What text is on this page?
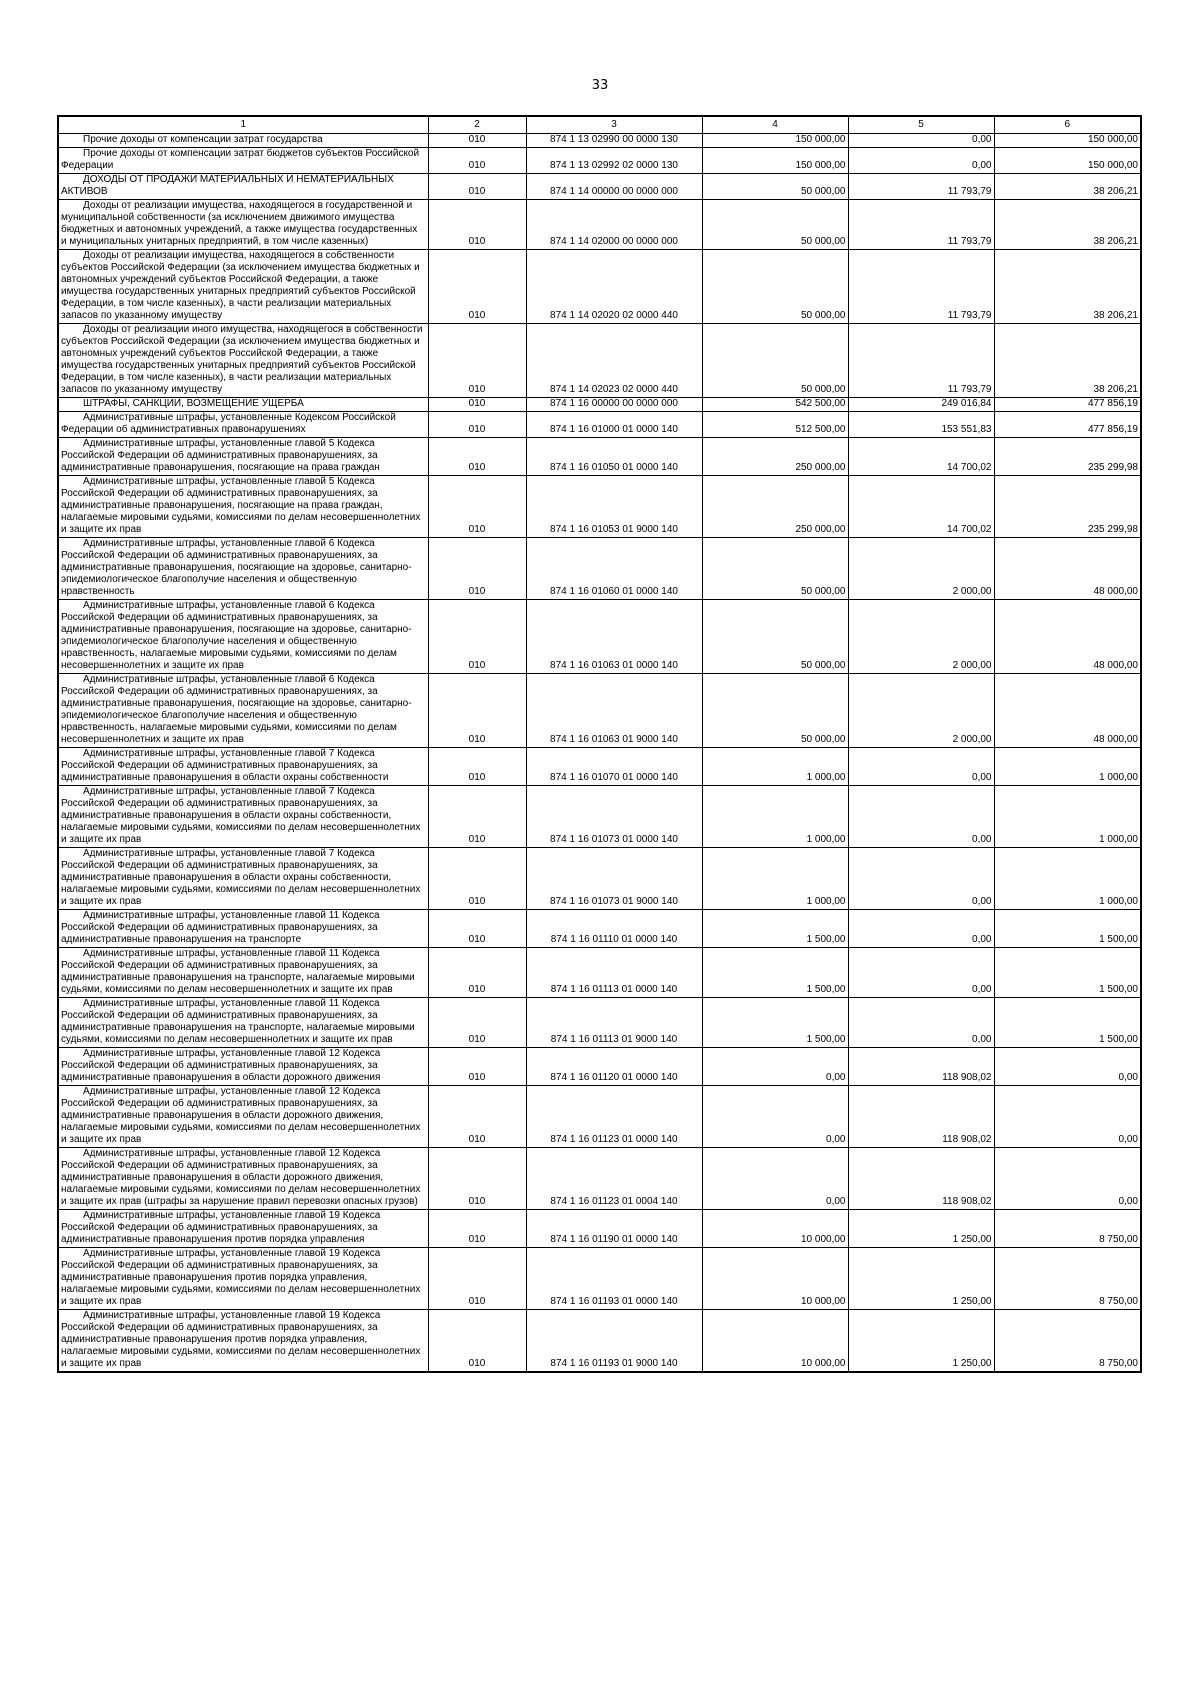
33
1	2	3	4	5	6
Прочие доходы от компенсации затрат государства	010	874 1 13 02990 00 0000 130	150 000,00	0,00	150 000,00
Прочие доходы от компенсации затрат бюджетов субъектов Российской Федерации	010	874 1 13 02992 02 0000 130	150 000,00	0,00	150 000,00
ДОХОДЫ ОТ ПРОДАЖИ МАТЕРИАЛЬНЫХ И НЕМАТЕРИАЛЬНЫХ АКТИВОВ	010	874 1 14 00000 00 0000 000	50 000,00	11 793,79	38 206,21
Доходы от реализации имущества, находящегося в государственной и муниципальной собственности (за исключением движимого имущества бюджетных и автономных учреждений, а также имущества государственных и муниципальных унитарных предприятий, в том числе казенных)	010	874 1 14 02000 00 0000 000	50 000,00	11 793,79	38 206,21
Доходы от реализации имущества, находящегося в собственности субъектов Российской Федерации (за исключением имущества бюджетных и автономных учреждений субъектов Российской Федерации, а также имущества государственных унитарных предприятий субъектов Российской Федерации, в том числе казенных), в части реализации материальных запасов по указанному имуществу	010	874 1 14 02020 02 0000 440	50 000,00	11 793,79	38 206,21
Доходы от реализации иного имущества, находящегося в собственности субъектов Российской Федерации (за исключением имущества бюджетных и автономных учреждений субъектов Российской Федерации, а также имущества государственных унитарных предприятий субъектов Российской Федерации, в том числе казенных), в части реализации материальных запасов по указанному имуществу	010	874 1 14 02023 02 0000 440	50 000,00	11 793,79	38 206,21
ШТРАФЫ, САНКЦИИ, ВОЗМЕЩЕНИЕ УЩЕРБА	010	874 1 16 00000 00 0000 000	542 500,00	249 016,84	477 856,19
Административные штрафы, установленные Кодексом Российской Федерации об административных правонарушениях	010	874 1 16 01000 01 0000 140	512 500,00	153 551,83	477 856,19
Административные штрафы, установленные главой 5 Кодекса Российской Федерации об административных правонарушениях, за административные правонарушения, посягающие на права граждан	010	874 1 16 01050 01 0000 140	250 000,00	14 700,02	235 299,98
Административные штрафы, установленные главой 5 Кодекса Российской Федерации об административных правонарушениях, за административные правонарушения, посягающие на права граждан, налагаемые мировыми судьями, комиссиями по делам несовершеннолетних и защите их прав	010	874 1 16 01053 01 9000 140	250 000,00	14 700,02	235 299,98
Административные штрафы, установленные главой 6 Кодекса Российской Федерации об административных правонарушениях, за административные правонарушения, посягающие на здоровье, санитарно-эпидемиологическое благополучие населения и общественную нравственность	010	874 1 16 01060 01 0000 140	50 000,00	2 000,00	48 000,00
Административные штрафы, установленные главой 6 Кодекса Российской Федерации об административных правонарушениях, за административные правонарушения, посягающие на здоровье, санитарно-эпидемиологическое благополучие населения и общественную нравственность, налагаемые мировыми судьями, комиссиями по делам несовершеннолетних и защите их прав	010	874 1 16 01063 01 0000 140	50 000,00	2 000,00	48 000,00
Административные штрафы, установленные главой 6 Кодекса Российской Федерации об административных правонарушениях, за административные правонарушения, посягающие на здоровье, санитарно-эпидемиологическое благополучие населения и общественную нравственность, налагаемые мировыми судьями, комиссиями по делам несовершеннолетних и защите их прав	010	874 1 16 01063 01 9000 140	50 000,00	2 000,00	48 000,00
Административные штрафы, установленные главой 7 Кодекса Российской Федерации об административных правонарушениях, за административные правонарушения в области охраны собственности	010	874 1 16 01070 01 0000 140	1 000,00	0,00	1 000,00
Административные штрафы, установленные главой 7 Кодекса Российской Федерации об административных правонарушениях, за административные правонарушения в области охраны собственности, налагаемые мировыми судьями, комиссиями по делам несовершеннолетних и защите их прав	010	874 1 16 01073 01 0000 140	1 000,00	0,00	1 000,00
Административные штрафы, установленные главой 7 Кодекса Российской Федерации об административных правонарушениях, за административные правонарушения в области охраны собственности, налагаемые мировыми судьями, комиссиями по делам несовершеннолетних и защите их прав	010	874 1 16 01073 01 9000 140	1 000,00	0,00	1 000,00
Административные штрафы, установленные главой 11 Кодекса Российской Федерации об административных правонарушениях, за административные правонарушения на транспорте	010	874 1 16 01110 01 0000 140	1 500,00	0,00	1 500,00
Административные штрафы, установленные главой 11 Кодекса Российской Федерации об административных правонарушениях, за административные правонарушения на транспорте, налагаемые мировыми судьями, комиссиями по делам несовершеннолетних и защите их прав	010	874 1 16 01113 01 0000 140	1 500,00	0,00	1 500,00
Административные штрафы, установленные главой 11 Кодекса Российской Федерации об административных правонарушениях, за административные правонарушения на транспорте, налагаемые мировыми судьями, комиссиями по делам несовершеннолетних и защите их прав	010	874 1 16 01113 01 9000 140	1 500,00	0,00	1 500,00
Административные штрафы, установленные главой 12 Кодекса Российской Федерации об административных правонарушениях, за административные правонарушения в области дорожного движения	010	874 1 16 01120 01 0000 140	0,00	118 908,02	0,00
Административные штрафы, установленные главой 12 Кодекса Российской Федерации об административных правонарушениях, за административные правонарушения в области дорожного движения, налагаемые мировыми судьями, комиссиями по делам несовершеннолетних и защите их прав	010	874 1 16 01123 01 0000 140	0,00	118 908,02	0,00
Административные штрафы, установленные главой 12 Кодекса Российской Федерации об административных правонарушениях, за административные правонарушения в области дорожного движения, налагаемые мировыми судьями, комиссиями по делам несовершеннолетних и защите их прав (штрафы за нарушение правил перевозки опасных грузов)	010	874 1 16 01123 01 0004 140	0,00	118 908,02	0,00
Административные штрафы, установленные главой 19 Кодекса Российской Федерации об административных правонарушениях, за административные правонарушения против порядка управления	010	874 1 16 01190 01 0000 140	10 000,00	1 250,00	8 750,00
Административные штрафы, установленные главой 19 Кодекса Российской Федерации об административных правонарушениях, за административные правонарушения против порядка управления, налагаемые мировыми судьями, комиссиями по делам несовершеннолетних и защите их прав	010	874 1 16 01193 01 0000 140	10 000,00	1 250,00	8 750,00
Административные штрафы, установленные главой 19 Кодекса Российской Федерации об административных правонарушениях, за административные правонарушения против порядка управления, налагаемые мировыми судьями, комиссиями по делам несовершеннолетних и защите их прав	010	874 1 16 01193 01 9000 140	10 000,00	1 250,00	8 750,00
